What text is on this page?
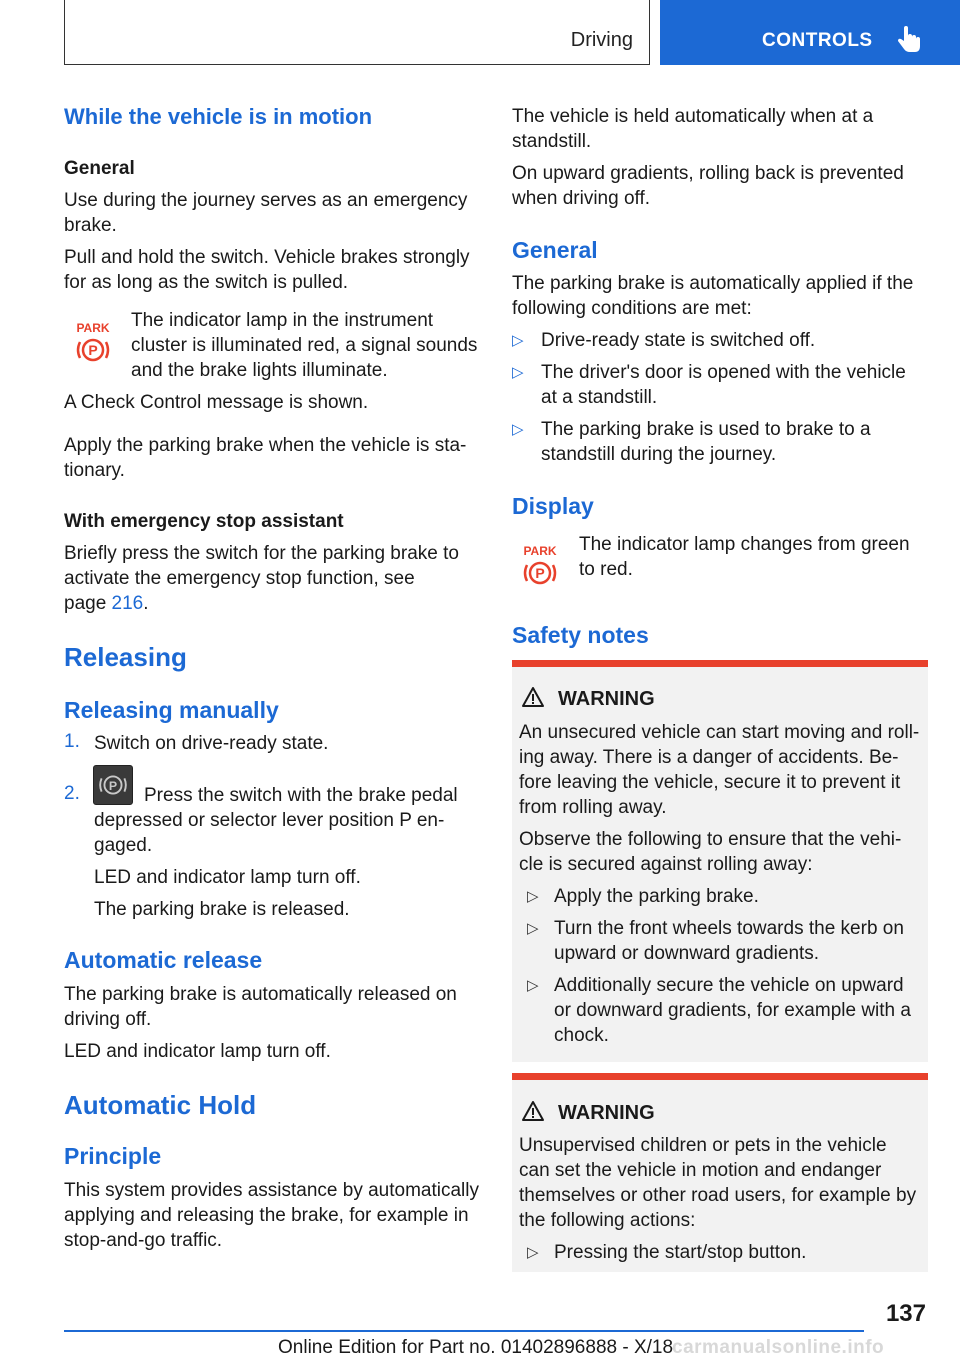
Driving	CONTROLS
While the vehicle is in motion
General
Use during the journey serves as an emergency
brake.
Pull and hold the switch. Vehicle brakes strongly
for as long as the switch is pulled.
PARK
P
The indicator lamp in the instrument
cluster is illuminated red, a signal sounds
and the brake lights illuminate.
A Check Control message is shown.
Apply the parking brake when the vehicle is sta‐
tionary.
With emergency stop assistant
Briefly press the switch for the parking brake to
activate the emergency stop function, see
page 216.
Releasing
Releasing manually
1. Switch on drive-ready state.
2. P Press the switch with the brake pedal
depressed or selector lever position P en‐
gaged.
LED and indicator lamp turn off.
The parking brake is released.
Automatic release
The parking brake is automatically released on
driving off.
LED and indicator lamp turn off.
Automatic Hold
Principle
This system provides assistance by automatically
applying and releasing the brake, for example in
stop-and-go traffic.
The vehicle is held automatically when at a
standstill.
On upward gradients, rolling back is prevented
when driving off.
General
The parking brake is automatically applied if the
following conditions are met:
▷ Drive-ready state is switched off.
▷ The driver's door is opened with the vehicle
at a standstill.
▷ The parking brake is used to brake to a
standstill during the journey.
Display
PARK
P
The indicator lamp changes from green
to red.
Safety notes
WARNING
An unsecured vehicle can start moving and roll‐
ing away. There is a danger of accidents. Be‐
fore leaving the vehicle, secure it to prevent it
from rolling away.
Observe the following to ensure that the vehi‐
cle is secured against rolling away:
▷ Apply the parking brake.
▷ Turn the front wheels towards the kerb on
upward or downward gradients.
▷ Additionally secure the vehicle on upward
or downward gradients, for example with a
chock.
WARNING
Unsupervised children or pets in the vehicle
can set the vehicle in motion and endanger
themselves or other road users, for example by
the following actions:
▷ Pressing the start/stop button.
137
Online Edition for Part no. 01402896888 - X/18
carmanualsonline.info
